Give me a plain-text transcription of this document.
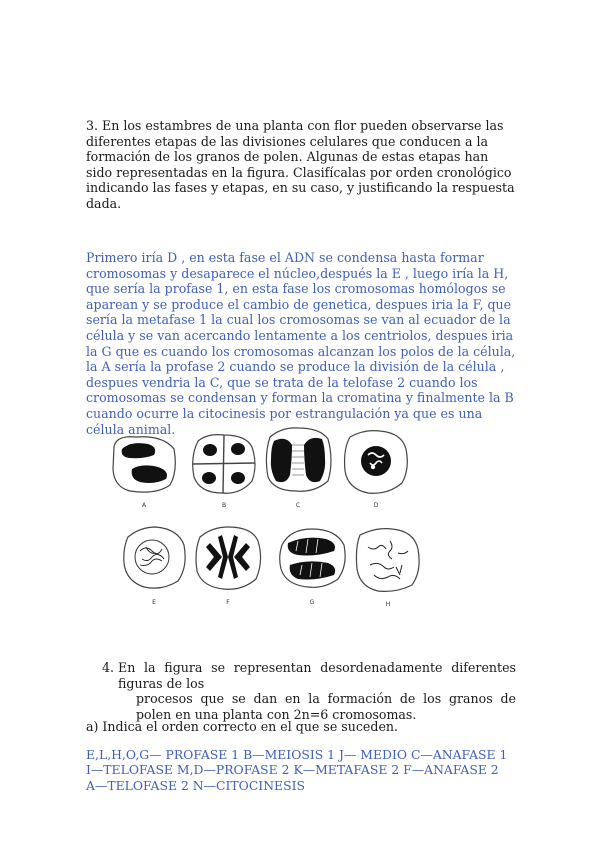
3. En los estambres de una planta con flor pueden observarse las diferentes etapas de las divisiones celulares que conducen a la formación de los granos de polen. Algunas de estas etapas han sido representadas en la figura. Clasifícalas por orden cronológico indicando las fases y etapas, en su caso, y justificando la respuesta dada.

Primero iría D , en esta fase el ADN se condensa hasta formar cromosomas y desaparece el núcleo,después la E , luego iría la H, que sería la profase 1, en esta fase los cromosomas homólogos se aparean y se produce el cambio de genetica, despues iria la F, que sería la metafase 1 la cual los cromosomas se van al ecuador de la célula y se van acercando lentamente a los centriolos, despues iria la G que es cuando los cromosomas alcanzan los polos de la célula, la A sería la profase 2 cuando se produce la división de la célula , despues vendria la C, que se trata de la telofase 2 cuando los cromosomas se condensan y forman la cromatina y finalmente la B cuando ocurre la citocinesis por estrangulación ya que es una célula animal.

A	B	C	D
E	F	G	H
4. En la figura se representan desordenadamente diferentes figuras de los
procesos que se dan en la formación de los granos de polen en una planta con 2n=6 cromosomas.

a) Indica el orden correcto en el que se suceden.

E,L,H,O,G— PROFASE 1 B—MEIOSIS 1 J— MEDIO C—ANAFASE 1
I—TELOFASE M,D—PROFASE 2 K—METAFASE 2 F—ANAFASE 2
A—TELOFASE 2 N—CITOCINESIS
